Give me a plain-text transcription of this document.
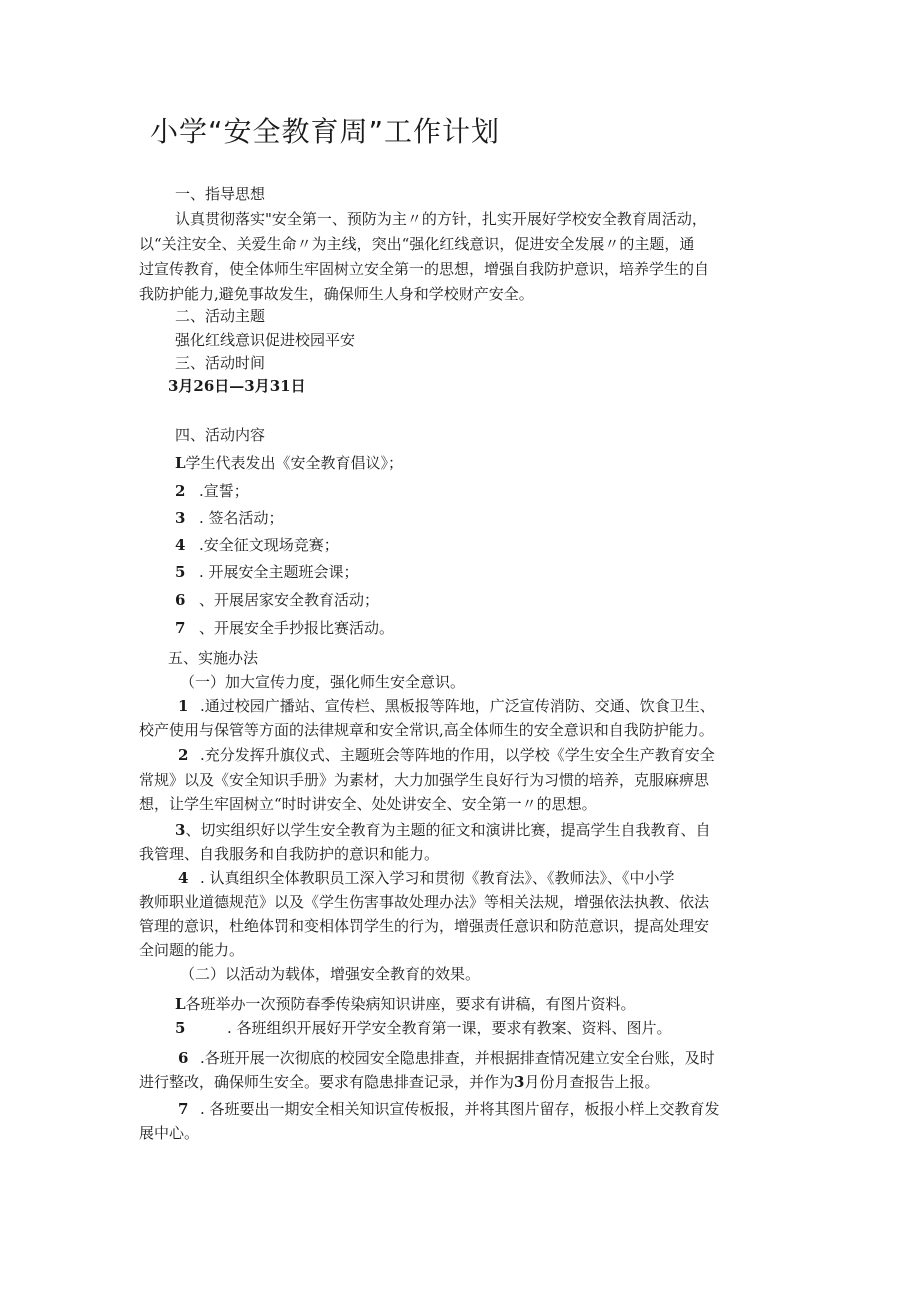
小学“安全教育周”工作计划
一、指导思想
认真贯彻落实"安全第一、预防为主〃的方针，扎实开展好学校安全教育周活动，
以“关注安全、关爱生命〃为主线，突出“强化红线意识，促进安全发展〃的主题，通
过宣传教育，使全体师生牢固树立安全第一的思想，增强自我防护意识，培养学生的自
我防护能力,避免事故发生，确保师生人身和学校财产安全。
二、活动主题
强化红线意识促进校园平安
三、活动时间
3月26日—3月31日
四、活动内容
L学生代表发出《安全教育倡议》；
2 .宣誓；
3 . 签名活动；
4 .安全征文现场竞赛；
5 . 开展安全主题班会课；
6 、开展居家安全教育活动；
7 、开展安全手抄报比赛活动。
五、实施办法
（一）加大宣传力度，强化师生安全意识。
1 .通过校园广播站、宣传栏、黑板报等阵地，广泛宣传消防、交通、饮食卫生、
校产使用与保管等方面的法律规章和安全常识,高全体师生的安全意识和自我防护能力。
2 .充分发挥升旗仪式、主题班会等阵地的作用，以学校《学生安全生产教育安全
常规》以及《安全知识手册》为素材，大力加强学生良好行为习惯的培养，克服麻痹思
想，让学生牢固树立“时时讲安全、处处讲安全、安全第一〃的思想。
3、切实组织好以学生安全教育为主题的征文和演讲比赛，提高学生自我教育、自
我管理、自我服务和自我防护的意识和能力。
4 . 认真组织全体教职员工深入学习和贯彻《教育法》、《教师法》、《中小学
教师职业道德规范》以及《学生伤害事故处理办法》等相关法规，增强依法执教、依法
管理的意识，杜绝体罚和变相体罚学生的行为，增强责任意识和防范意识，提高处理安
全问题的能力。
（二）以活动为载体，增强安全教育的效果。
L各班举办一次预防春季传染病知识讲座，要求有讲稿，有图片资料。
5	. 各班组织开展好开学安全教育第一课，要求有教案、资料、图片。
6 .各班开展一次彻底的校园安全隐患排查，并根据排查情况建立安全台账，及时
进行整改，确保师生安全。要求有隐患排查记录，并作为3月份月查报告上报。
7 . 各班要出一期安全相关知识宣传板报，并将其图片留存，板报小样上交教育发
展中心。
